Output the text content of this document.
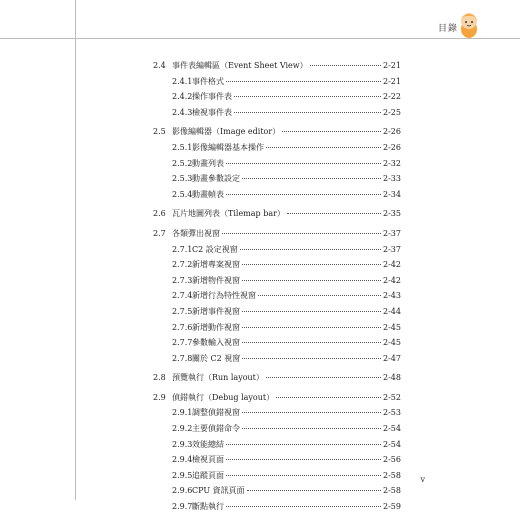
目錄
2.4 事件表編輯區（Event Sheet View）	2-21
2.4.1 事件格式	2-21
2.4.2 操作事件表	2-22
2.4.3 檢視事件表	2-25
2.5 影像編輯器（Image editor）	2-26
2.5.1 影像編輯器基本操作	2-26
2.5.2 動畫列表	2-32
2.5.3 動畫參數設定	2-33
2.5.4 動畫幀表	2-34
2.6 瓦片地圖列表（Tilemap bar）	2-35
2.7 各類彈出視窗	2-37
2.7.1 C2 設定視窗	2-37
2.7.2 新增專案視窗	2-42
2.7.3 新增物件視窗	2-42
2.7.4 新增行為特性視窗	2-43
2.7.5 新增事件視窗	2-44
2.7.6 新增動作視窗	2-45
2.7.7 參數輸入視窗	2-45
2.7.8 關於 C2 視窗	2-47
2.8 預覽執行（Run layout）	2-48
2.9 偵錯執行（Debug layout）	2-52
2.9.1 調整偵錯視窗	2-53
2.9.2 主要偵錯命令	2-54
2.9.3 效能總結	2-54
2.9.4 檢視頁面	2-56
2.9.5 追蹤頁面	2-58
2.9.6 CPU 資訊頁面	2-58
2.9.7 斷點執行	2-59
v
